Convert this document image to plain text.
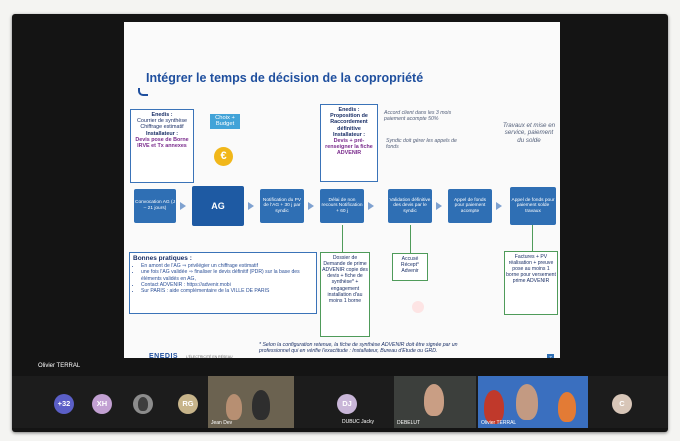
Intégrer le temps de décision de la copropriété
Enedis :
Courrier de synthèse Chiffrage estimatif
Installateur :
Devis pose de Borne IRVE et Tx annexes
Choix + Budget
€
Enedis :
Proposition de Raccordement définitive
Installateur :
Devis + pré-renseigner la fiche ADVENIR
Accord client dans les 3 mois paiement acompte 50%
Syndic doit gérer les appels de fonds
Travaux et mise en service, paiement du solde
Convocation AG (J – 21 jours)	AG
Notification du PV de l'AG + 30 j par syndic
Délai de non recours Notification + 60 j
Validation définitive des devis par le syndic
Appel de fonds pour paiement acompte
Appel de fonds pour paiement solde travaux
Bonnes pratiques :
• En amont de l'AG ⇒ privilégier un chiffrage estimatif
• une fois l'AG validée ⇒ finaliser le devis définitif (PDR) sur la base des éléments validés en AG,
• Contact ADVENIR : https://advenir.mobi
• Sur PARIS : aide complémentaire de la VILLE DE PARIS
Dossier de Demande de prime ADVENIR copie des devis + fiche de synthèse* + engagement installation d'au moins 1 borne
Accusé Récept° Advenir
Factures + PV réalisation + preuve pose au moins 1 borne pour versement prime ADVENIR
* Selon la configuration retenue, la fiche de synthèse ADVENIR doit être signée par un
professionnel qui en vérifie l'exactitude : Installateur, Bureau d'Etude ou GRD.
ENEDIS L'ÉLECTRICITÉ EN RÉSEAU	7
Olivier TERRAL
+32	XH	RG
Jean Dev
DJ
DUBUC Jacky	DEBELUT	Olivier TERRAL
C
